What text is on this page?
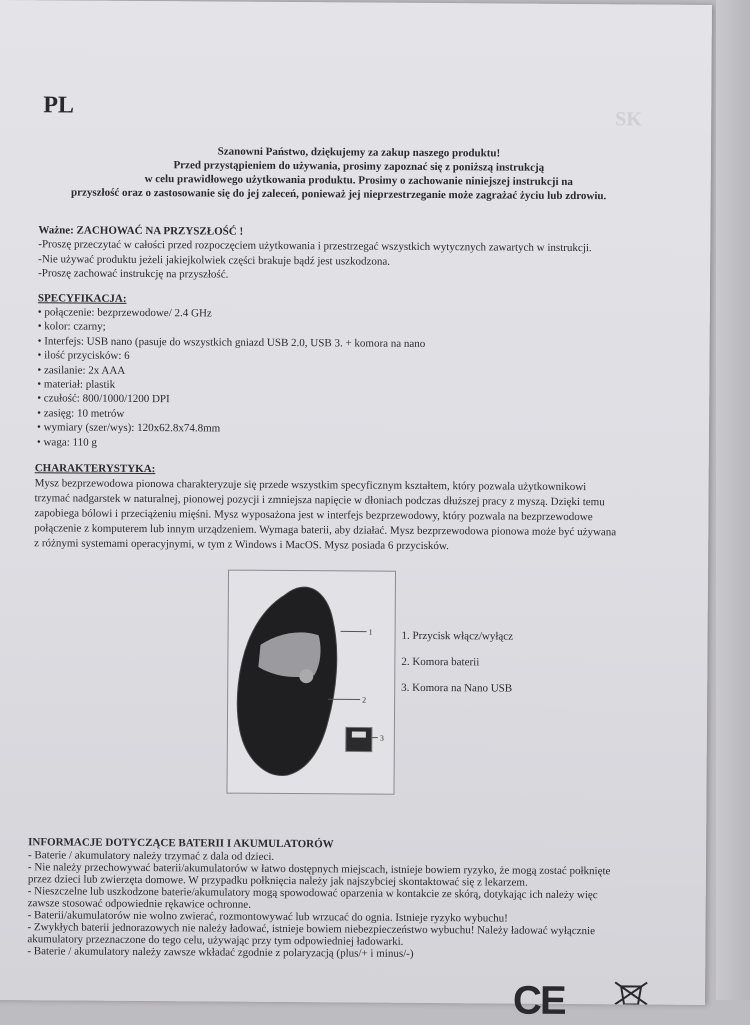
SK
PL
Szanowni Państwo, dziękujemy za zakup naszego produktu!
Przed przystąpieniem do używania, prosimy zapoznać się z poniższą instrukcją
w celu prawidłowego użytkowania produktu. Prosimy o zachowanie niniejszej instrukcji na
przyszłość oraz o zastosowanie się do jej zaleceń, ponieważ jej nieprzestrzeganie może zagrażać życiu lub zdrowiu.
Ważne: ZACHOWAĆ NA PRZYSZŁOŚĆ !
-Proszę przeczytać w całości przed rozpoczęciem użytkowania i przestrzegać wszystkich wytycznych zawartych w instrukcji.
-Nie używać produktu jeżeli jakiejkolwiek części brakuje bądź jest uszkodzona.
-Proszę zachować instrukcję na przyszłość.
SPECYFIKACJA:
• połączenie: bezprzewodowe/ 2.4 GHz
• kolor: czarny;
• Interfejs: USB nano (pasuje do wszystkich gniazd USB 2.0, USB 3. + komora na nano
• ilość przycisków: 6
• zasilanie: 2x AAA
• materiał: plastik
• czułość: 800/1000/1200 DPI
• zasięg: 10 metrów
• wymiary (szer/wys): 120x62.8x74.8mm
• waga: 110 g
CHARAKTERYSTYKA:
Mysz bezprzewodowa pionowa charakteryzuje się przede wszystkim specyficznym kształtem, który pozwala użytkownikowi
trzymać nadgarstek w naturalnej, pionowej pozycji i zmniejsza napięcie w dłoniach podczas dłuższej pracy z myszą. Dzięki temu
zapobiega bólowi i przeciążeniu mięśni. Mysz wyposażona jest w interfejs bezprzewodowy, który pozwala na bezprzewodowe
połączenie z komputerem lub innym urządzeniem. Wymaga baterii, aby działać. Mysz bezprzewodowa pionowa może być używana
z różnymi systemami operacyjnymi, w tym z Windows i MacOS. Mysz posiada 6 przycisków.
1
2
3
1. Przycisk włącz/wyłącz
2. Komora baterii
3. Komora na Nano USB
INFORMACJE DOTYCZĄCE BATERII I AKUMULATORÓW
- Baterie / akumulatory należy trzymać z dala od dzieci.
- Nie należy przechowywać baterii/akumulatorów w łatwo dostępnych miejscach, istnieje bowiem ryzyko, że mogą zostać połknięte
przez dzieci lub zwierzęta domowe. W przypadku połknięcia należy jak najszybciej skontaktować się z lekarzem.
- Nieszczelne lub uszkodzone baterie/akumulatory mogą spowodować oparzenia w kontakcie ze skórą, dotykając ich należy więc
zawsze stosować odpowiednie rękawice ochronne.
- Baterii/akumulatorów nie wolno zwierać, rozmontowywać lub wrzucać do ognia. Istnieje ryzyko wybuchu!
- Zwykłych baterii jednorazowych nie należy ładować, istnieje bowiem niebezpieczeństwo wybuchu! Należy ładować wyłącznie
akumulatory przeznaczone do tego celu, używając przy tym odpowiedniej ładowarki.
- Baterie / akumulatory należy zawsze wkładać zgodnie z polaryzacją (plus/+ i minus/-)
CE
